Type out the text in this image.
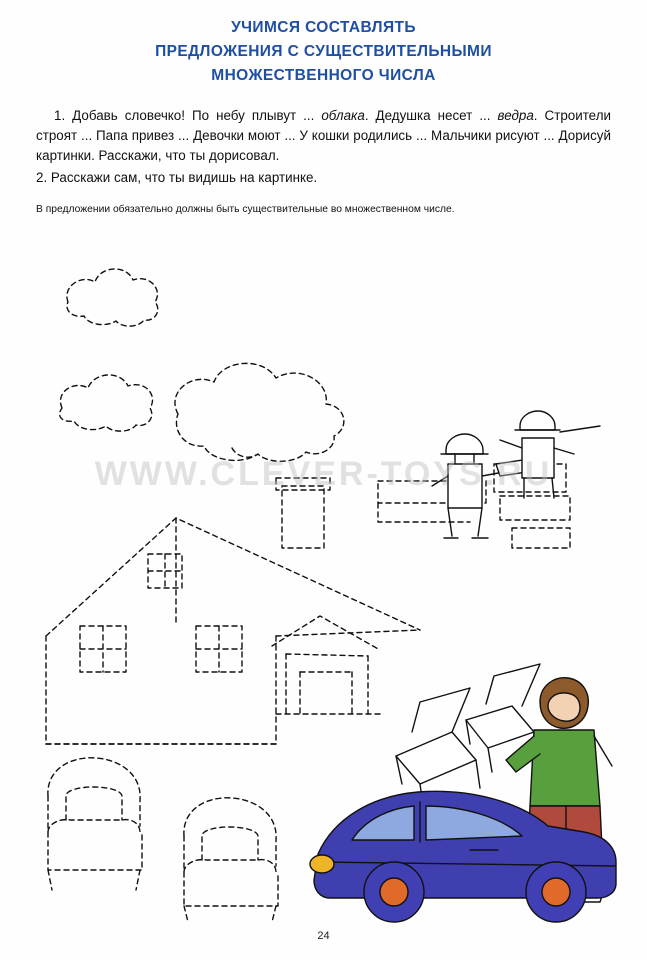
УЧИМСЯ СОСТАВЛЯТЬ
ПРЕДЛОЖЕНИЯ С СУЩЕСТВИТЕЛЬНЫМИ
МНОЖЕСТВЕННОГО ЧИСЛА

1. Добавь словечко! По небу плывут ... облака. Дедушка несет ... ведра. Строители строят ... Папа привез ... Девочки моют ... У кошки родились ... Мальчики рисуют ... Дорисуй картинки. Расскажи, что ты дорисовал.

2. Расскажи сам, что ты видишь на картинке.

В предложении обязательно должны быть существительные во множественном числе.

WWW.CLEVER-TOYS.RU
24
